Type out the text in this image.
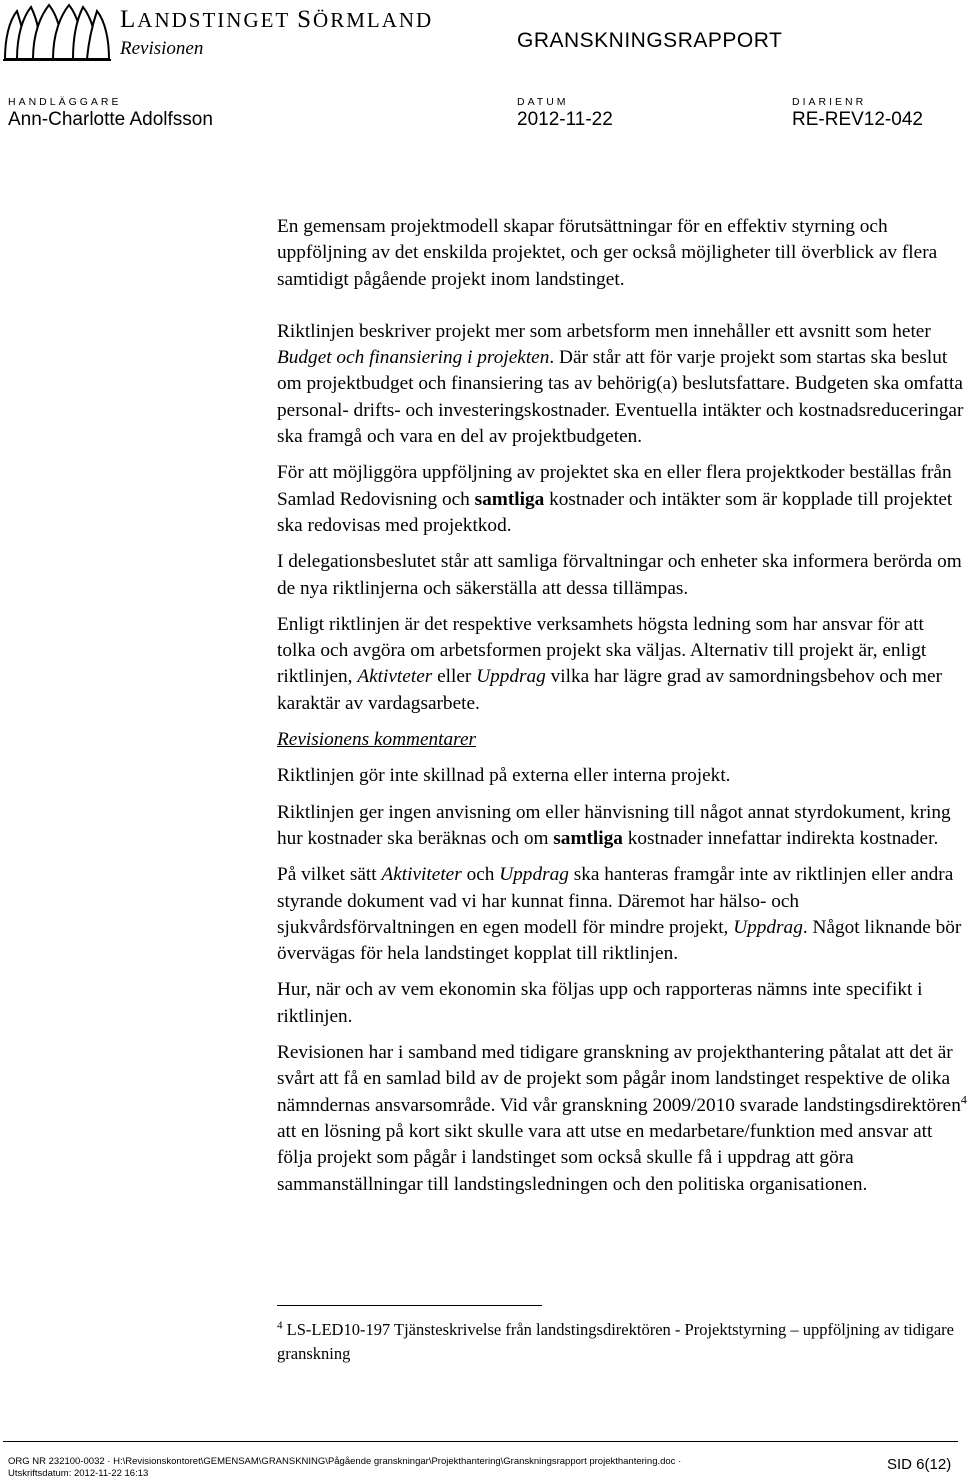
LANDSTINGET SÖRMLAND
Revisionen	GRANSKNINGSRAPPORT
HANDLÄGGARE
Ann-Charlotte Adolfsson
DATUM
2012-11-22
DIARIENR
RE-REV12-042

En gemensam projektmodell skapar förutsättningar för en effektiv styrning och uppföljning av det enskilda projektet, och ger också möjligheter till överblick av flera samtidigt pågående projekt inom landstinget.

Riktlinjen beskriver projekt mer som arbetsform men innehåller ett avsnitt som heter Budget och finansiering i projekten. Där står att för varje projekt som startas ska beslut om projektbudget och finansiering tas av behörig(a) beslutsfattare. Budgeten ska omfatta personal- drifts- och investeringskostnader. Eventuella intäkter och kostnadsreduceringar ska framgå och vara en del av projektbudgeten.

För att möjliggöra uppföljning av projektet ska en eller flera projektkoder beställas från Samlad Redovisning och samtliga kostnader och intäkter som är kopplade till projektet ska redovisas med projektkod.

I delegationsbeslutet står att samliga förvaltningar och enheter ska informera berörda om de nya riktlinjerna och säkerställa att dessa tillämpas.

Enligt riktlinjen är det respektive verksamhets högsta ledning som har ansvar för att tolka och avgöra om arbetsformen projekt ska väljas. Alternativ till projekt är, enligt riktlinjen, Aktivteter eller Uppdrag vilka har lägre grad av samordningsbehov och mer karaktär av vardagsarbete.

Revisionens kommentarer

Riktlinjen gör inte skillnad på externa eller interna projekt.

Riktlinjen ger ingen anvisning om eller hänvisning till något annat styrdokument, kring hur kostnader ska beräknas och om samtliga kostnader innefattar indirekta kostnader.

På vilket sätt Aktiviteter och Uppdrag ska hanteras framgår inte av riktlinjen eller andra styrande dokument vad vi har kunnat finna. Däremot har hälso- och sjukvårdsförvaltningen en egen modell för mindre projekt, Uppdrag. Något liknande bör övervägas för hela landstinget kopplat till riktlinjen.

Hur, när och av vem ekonomin ska följas upp och rapporteras nämns inte specifikt i riktlinjen.

Revisionen har i samband med tidigare granskning av projekthantering påtalat att det är svårt att få en samlad bild av de projekt som pågår inom landstinget respektive de olika nämndernas ansvarsområde. Vid vår granskning 2009/2010 svarade landstingsdirektören$^4$ att en lösning på kort sikt skulle vara att utse en medarbetare/funktion med ansvar att följa projekt som pågår i landstinget som också skulle få i uppdrag att göra sammanställningar till landstingsledningen och den politiska organisationen.

$^4$ LS-LED10-197 Tjänsteskrivelse från landstingsdirektören - Projektstyrning – uppföljning av tidigare granskning
ORG NR 232100-0032 · H:\Revisionskontoret\GEMENSAM\GRANSKNING\Pågående granskningar\Projekthantering\Granskningsrapport projekthantering.doc ·
Utskriftsdatum: 2012-11-22 16:13	SID 6(12)
